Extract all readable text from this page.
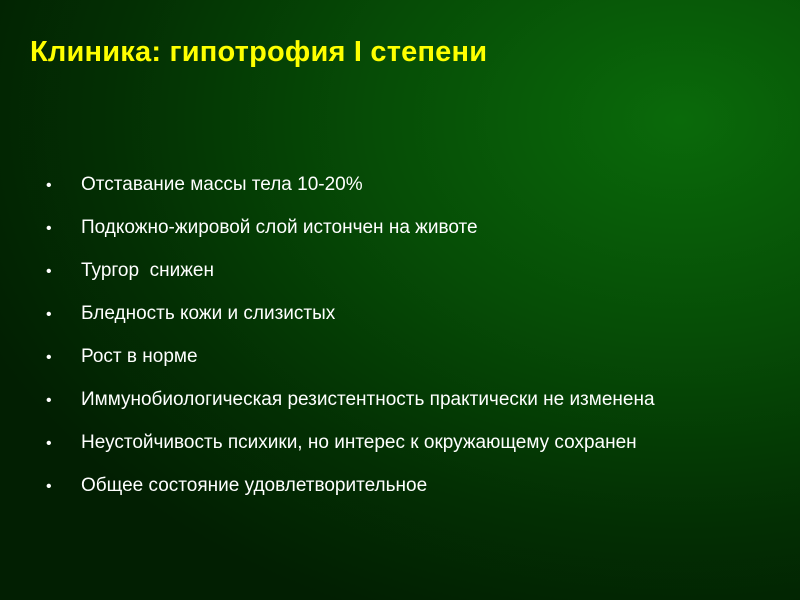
Клиника: гипотрофия I степени
•	Отставание массы тела 10-20%
•	Подкожно-жировой слой истончен на животе
•	Тургор  снижен
•	Бледность кожи и слизистых
•	Рост в норме
•	Иммунобиологическая резистентность практически не изменена
•	Неустойчивость психики, но интерес к окружающему сохранен
•	Общее состояние удовлетворительное
